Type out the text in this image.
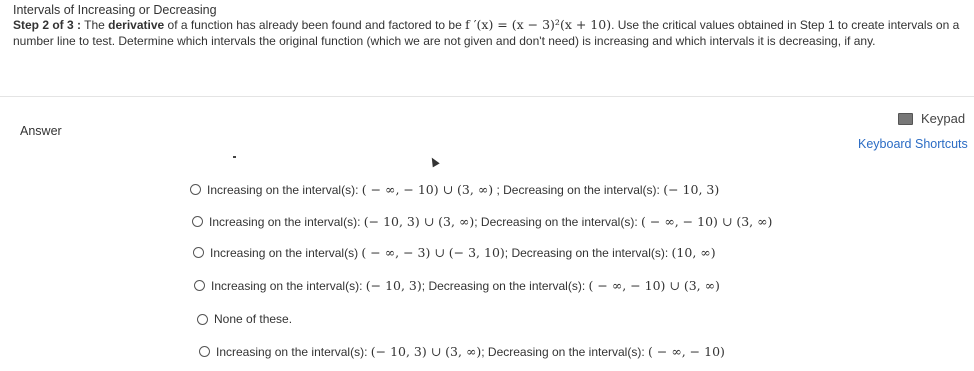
Intervals of Increasing or Decreasing
Step 2 of 3 : The derivative of a function has already been found and factored to be f ′(x) = (x − 3)²(x + 10). Use the critical values obtained in Step 1 to create intervals on a number line to test. Determine which intervals the original function (which we are not given and don't need) is increasing and which intervals it is decreasing, if any.
Answer
Keypad
Keyboard Shortcuts
Increasing on the interval(s): ( − ∞, − 10) ∪ (3, ∞) ; Decreasing on the interval(s): (− 10, 3)
Increasing on the interval(s): (− 10, 3) ∪ (3, ∞); Decreasing on the interval(s): ( − ∞, − 10) ∪ (3, ∞)
Increasing on the interval(s) ( − ∞, − 3) ∪ (− 3, 10); Decreasing on the interval(s): (10, ∞)
Increasing on the interval(s): (− 10, 3); Decreasing on the interval(s): ( − ∞, − 10) ∪ (3, ∞)
None of these.
Increasing on the interval(s): (− 10, 3) ∪ (3, ∞); Decreasing on the interval(s): ( − ∞, − 10)
